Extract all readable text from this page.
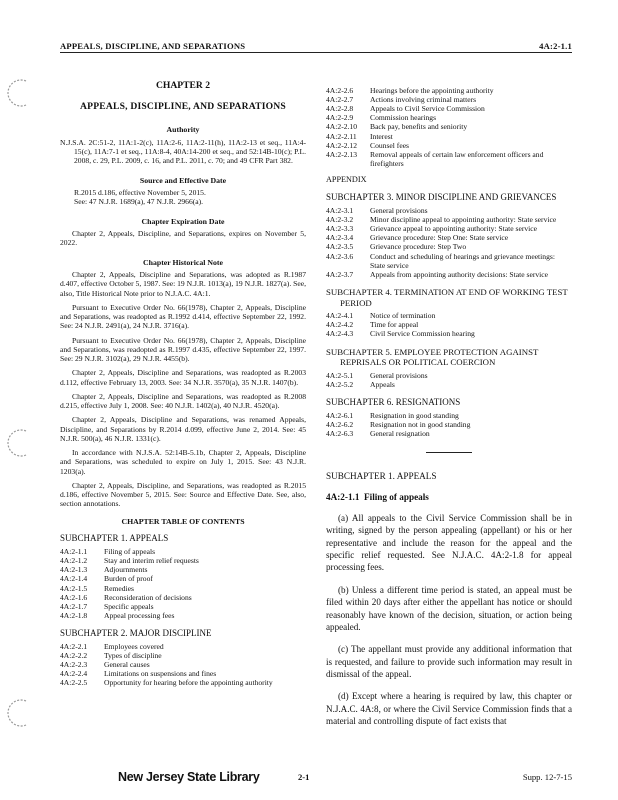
APPEALS, DISCIPLINE, AND SEPARATIONS	4A:2-1.1
CHAPTER 2
APPEALS, DISCIPLINE, AND SEPARATIONS
Authority
N.J.S.A. 2C:51-2, 11A:1-2(c), 11A:2-6, 11A:2-11(h), 11A:2-13 et seq., 11A:4-15(c), 11A:7-1 et seq., 11A:8-4, 40A:14-200 et seq., and 52:14B-10(c); P.L. 2008, c. 29, P.L. 2009, c. 16, and P.L. 2011, c. 70; and 49 CFR Part 382.
Source and Effective Date
R.2015 d.186, effective November 5, 2015.
See: 47 N.J.R. 1689(a), 47 N.J.R. 2966(a).
Chapter Expiration Date

Chapter 2, Appeals, Discipline, and Separations, expires on November 5, 2022.

Chapter Historical Note

Chapter 2, Appeals, Discipline and Separations, was adopted as R.1987 d.407, effective October 5, 1987. See: 19 N.J.R. 1013(a), 19 N.J.R. 1827(a). See, also, Title Historical Note prior to N.J.A.C. 4A:1.

Pursuant to Executive Order No. 66(1978), Chapter 2, Appeals, Discipline and Separations, was readopted as R.1992 d.414, effective September 22, 1992. See: 24 N.J.R. 2491(a), 24 N.J.R. 3716(a).

Pursuant to Executive Order No. 66(1978), Chapter 2, Appeals, Discipline and Separations, was readopted as R.1997 d.435, effective September 22, 1997. See: 29 N.J.R. 3102(a), 29 N.J.R. 4455(b).

Chapter 2, Appeals, Discipline and Separations, was readopted as R.2003 d.112, effective February 13, 2003. See: 34 N.J.R. 3570(a), 35 N.J.R. 1407(b).

Chapter 2, Appeals, Discipline and Separations, was readopted as R.2008 d.215, effective July 1, 2008. See: 40 N.J.R. 1402(a), 40 N.J.R. 4520(a).

Chapter 2, Appeals, Discipline and Separations, was renamed Appeals, Discipline, and Separations by R.2014 d.099, effective June 2, 2014. See: 45 N.J.R. 500(a), 46 N.J.R. 1331(c).

In accordance with N.J.S.A. 52:14B-5.1b, Chapter 2, Appeals, Discipline and Separations, was scheduled to expire on July 1, 2015. See: 43 N.J.R. 1203(a).

Chapter 2, Appeals, Discipline, and Separations, was readopted as R.2015 d.186, effective November 5, 2015. See: Source and Effective Date. See, also, section annotations.

CHAPTER TABLE OF CONTENTS
SUBCHAPTER 1. APPEALS
4A:2-1.1	Filing of appeals
4A:2-1.2	Stay and interim relief requests
4A:2-1.3	Adjournments
4A:2-1.4	Burden of proof
4A:2-1.5	Remedies
4A:2-1.6	Reconsideration of decisions
4A:2-1.7	Specific appeals
4A:2-1.8	Appeal processing fees
SUBCHAPTER 2. MAJOR DISCIPLINE
4A:2-2.1	Employees covered
4A:2-2.2	Types of discipline
4A:2-2.3	General causes
4A:2-2.4	Limitations on suspensions and fines
4A:2-2.5	Opportunity for hearing before the appointing authority
4A:2-2.6	Hearings before the appointing authority
4A:2-2.7	Actions involving criminal matters
4A:2-2.8	Appeals to Civil Service Commission
4A:2-2.9	Commission hearings
4A:2-2.10	Back pay, benefits and seniority
4A:2-2.11	Interest
4A:2-2.12	Counsel fees
4A:2-2.13	Removal appeals of certain law enforcement officers and firefighters
APPENDIX
SUBCHAPTER 3. MINOR DISCIPLINE AND GRIEVANCES
4A:2-3.1	General provisions
4A:2-3.2	Minor discipline appeal to appointing authority: State service
4A:2-3.3	Grievance appeal to appointing authority: State service
4A:2-3.4	Grievance procedure: Step One: State service
4A:2-3.5	Grievance procedure: Step Two
4A:2-3.6	Conduct and scheduling of hearings and grievance meetings: State service
4A:2-3.7	Appeals from appointing authority decisions: State service
SUBCHAPTER 4. TERMINATION AT END OF WORKING TEST PERIOD
4A:2-4.1	Notice of termination
4A:2-4.2	Time for appeal
4A:2-4.3	Civil Service Commission hearing
SUBCHAPTER 5. EMPLOYEE PROTECTION AGAINST REPRISALS OR POLITICAL COERCION
4A:2-5.1	General provisions
4A:2-5.2	Appeals
SUBCHAPTER 6. RESIGNATIONS
4A:2-6.1	Resignation in good standing
4A:2-6.2	Resignation not in good standing
4A:2-6.3	General resignation
SUBCHAPTER 1. APPEALS
4A:2-1.1 Filing of appeals

(a) All appeals to the Civil Service Commission shall be in writing, signed by the person appealing (appellant) or his or her representative and include the reason for the appeal and the specific relief requested. See N.J.A.C. 4A:2-1.8 for appeal processing fees.

(b) Unless a different time period is stated, an appeal must be filed within 20 days after either the appellant has notice or should reasonably have known of the decision, situation, or action being appealed.

(c) The appellant must provide any additional information that is requested, and failure to provide such information may result in dismissal of the appeal.

(d) Except where a hearing is required by law, this chapter or N.J.A.C. 4A:8, or where the Civil Service Commission finds that a material and controlling dispute of fact exists that

New Jersey State Library	2-1	Supp. 12-7-15
